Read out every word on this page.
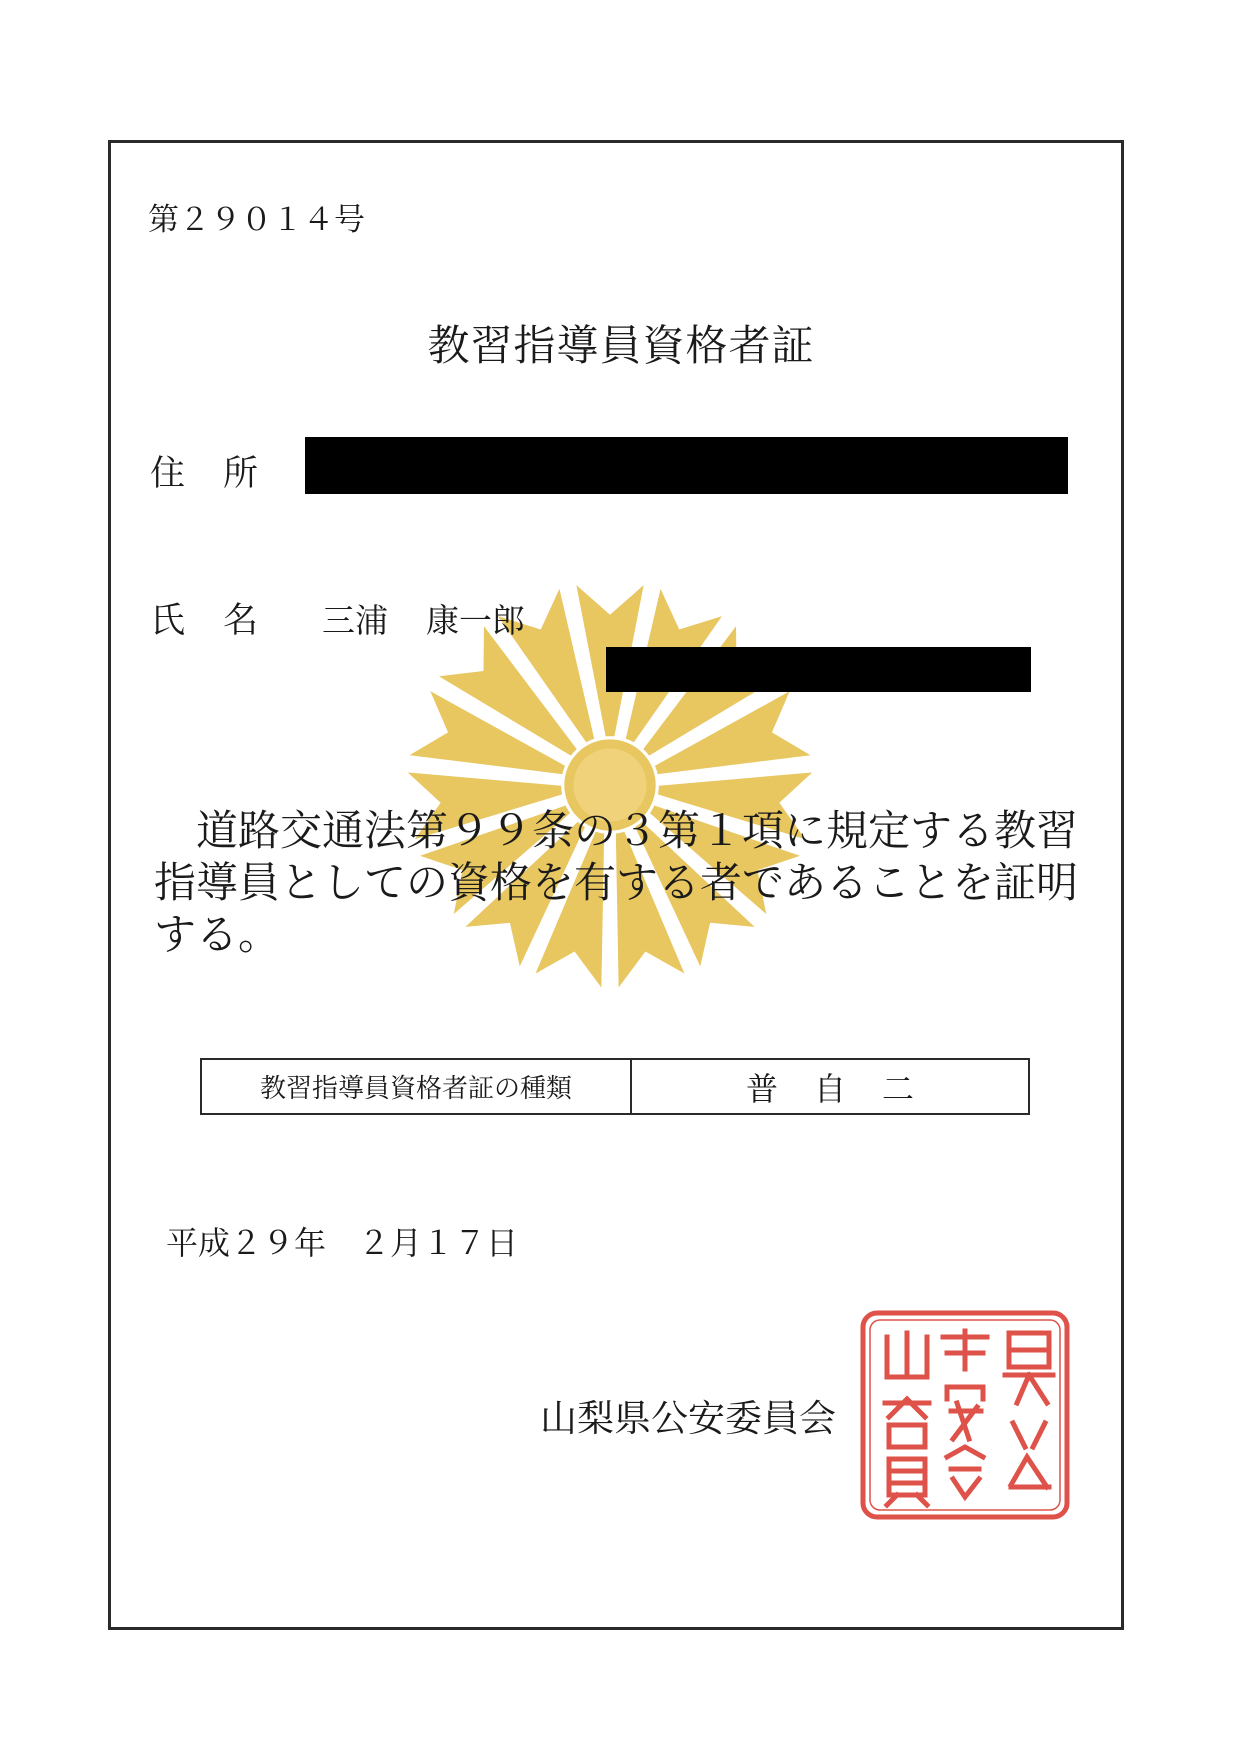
第２９０１４号
教習指導員資格者証
住 所
氏 名 三浦 康一郎
　道路交通法第９９条の３第１項に規定する教習指導員としての資格を有する者であることを証明する。
教習指導員資格者証の種類	普自二
平成２９年　２月１７日
山梨県公安委員会
